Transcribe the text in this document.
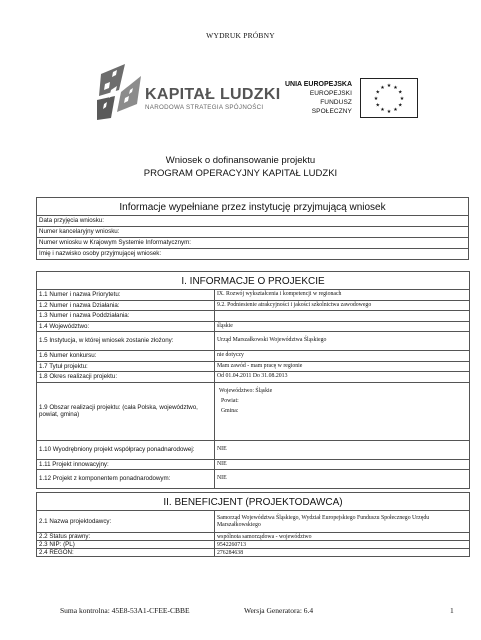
WYDRUK PRÓBNY
KAPITAŁ LUDZKI
NARODOWA STRATEGIA SPÓJNOŚCI
UNIA EUROPEJSKA
EUROPEJSKI
FUNDUSZ SPOŁECZNY
★ ★
★
★
★
★
★
★
★
★
★
★
Wniosek o dofinansowanie projektu
PROGRAM OPERACYJNY KAPITAŁ LUDZKI
Informacje wypełniane przez instytucję przyjmującą wniosek
Data przyjęcia wniosku:
Numer kancelaryjny wniosku:
Numer wniosku w Krajowym Systemie Informatycznym:
Imię i nazwisko osoby przyjmującej wniosek:
I. INFORMACJE O PROJEKCIE	
1.1 Numer i nazwa Priorytetu:	IX. Rozwój wykształcenia i kompetencji w regionach
1.2 Numer i nazwa Działania:	9.2. Podniesienie atrakcyjności i jakości szkolnictwa zawodowego
1.3 Numer i nazwa Poddziałania:	
1.4 Województwo:	śląskie
1.5 Instytucja, w której wniosek zostanie złożony:	Urząd Marszałkowski Województwa Śląskiego
1.6 Numer konkursu:	nie dotyczy
1.7 Tytuł projektu:	Mam zawód - mam pracę w regionie
1.8 Okres realizacji projektu:	Od 01.04.2011 Do 31.08.2013
1.9 Obszar realizacji projektu: (cała Polska, województwo, powiat, gmina)	Województwo: Śląskie
Powiat:
Gmina:

1.10 Wyodrębniony projekt współpracy ponadnarodowej:	NIE
1.11 Projekt innowacyjny:	NIE
1.12 Projekt z komponentem ponadnarodowym:	NIE
II. BENEFICJENT (PROJEKTODAWCA)	
2.1 Nazwa projektodawcy:	Samorząd Województwa Śląskiego, Wydział Europejskiego Funduszu Społecznego Urzędu Marszałkowskiego
2.2 Status prawny:	wspólnota samorządowa - województwo
2.3 NIP: (PL)	9542260713
2.4 REGON:	276284638
Suma kontrolna: 45E8-53A1-CFEE-CBBE	Wersja Generatora: 6.4	1
